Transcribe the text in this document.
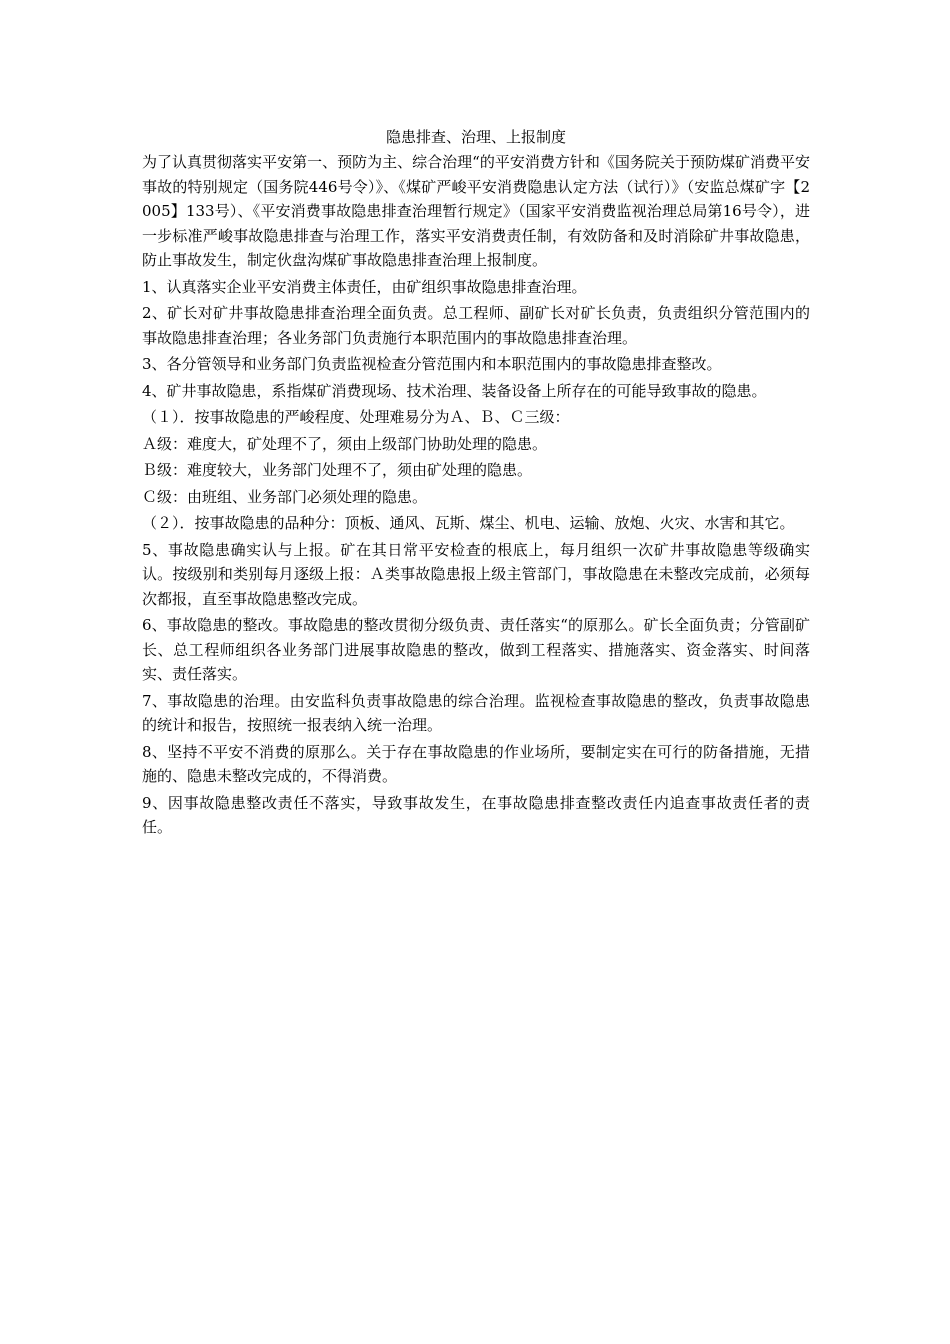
隐患排查、治理、上报制度

为了认真贯彻落实平安第一、预防为主、综合治理“的平安消费方针和《国务院关于预防煤矿消费平安事故的特别规定（国务院446号令）》、《煤矿严峻平安消费隐患认定方法（试行）》（安监总煤矿字【2005】133号）、《平安消费事故隐患排查治理暂行规定》（国家平安消费监视治理总局第16号令），进一步标准严峻事故隐患排查与治理工作，落实平安消费责任制，有效防备和及时消除矿井事故隐患，防止事故发生，制定伙盘沟煤矿事故隐患排查治理上报制度。

1、认真落实企业平安消费主体责任，由矿组织事故隐患排查治理。

2、矿长对矿井事故隐患排查治理全面负责。总工程师、副矿长对矿长负责，负责组织分管范围内的事故隐患排查治理；各业务部门负责施行本职范围内的事故隐患排查治理。

3、各分管领导和业务部门负责监视检查分管范围内和本职范围内的事故隐患排查整改。

4、矿井事故隐患，系指煤矿消费现场、技术治理、装备设备上所存在的可能导致事故的隐患。

（１）．按事故隐患的严峻程度、处理难易分为Ａ、Ｂ、Ｃ三级：

Ａ级：难度大，矿处理不了，须由上级部门协助处理的隐患。

Ｂ级：难度较大，业务部门处理不了，须由矿处理的隐患。

Ｃ级：由班组、业务部门必须处理的隐患。

（２）．按事故隐患的品种分：顶板、通风、瓦斯、煤尘、机电、运输、放炮、火灾、水害和其它。

5、事故隐患确实认与上报。矿在其日常平安检查的根底上，每月组织一次矿井事故隐患等级确实认。按级别和类别每月逐级上报：Ａ类事故隐患报上级主管部门，事故隐患在未整改完成前，必须每次都报，直至事故隐患整改完成。

6、事故隐患的整改。事故隐患的整改贯彻分级负责、责任落实“的原那么。矿长全面负责；分管副矿长、总工程师组织各业务部门进展事故隐患的整改，做到工程落实、措施落实、资金落实、时间落实、责任落实。

7、事故隐患的治理。由安监科负责事故隐患的综合治理。监视检查事故隐患的整改，负责事故隐患的统计和报告，按照统一报表纳入统一治理。

8、坚持不平安不消费的原那么。关于存在事故隐患的作业场所，要制定实在可行的防备措施，无措施的、隐患未整改完成的，不得消费。

9、因事故隐患整改责任不落实，导致事故发生，在事故隐患排查整改责任内追查事故责任者的责任。
